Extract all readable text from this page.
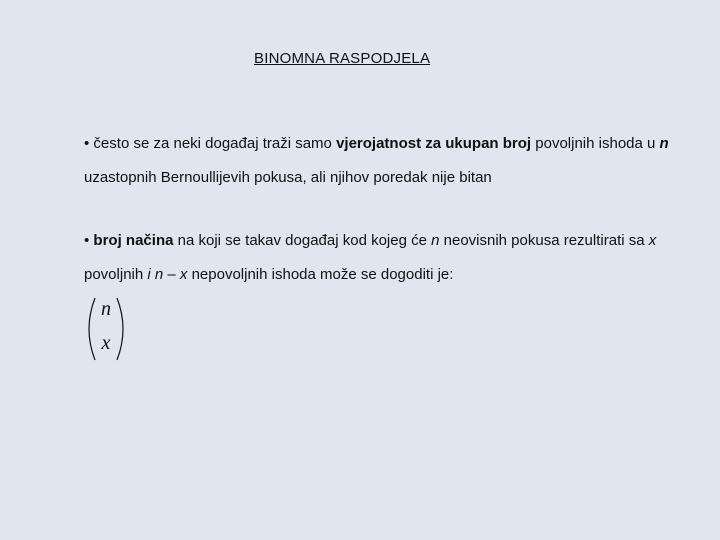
BINOMNA RASPODJELA
• često se za neki događaj traži samo vjerojatnost za ukupan broj povoljnih ishoda u n uzastopnih Bernoullijevih pokusa, ali njihov poredak nije bitan
• broj načina na koji se takav događaj kod kojeg će n neovisnih pokusa rezultirati sa x povoljnih i n – x nepovoljnih ishoda može se dogoditi je:
n
x
